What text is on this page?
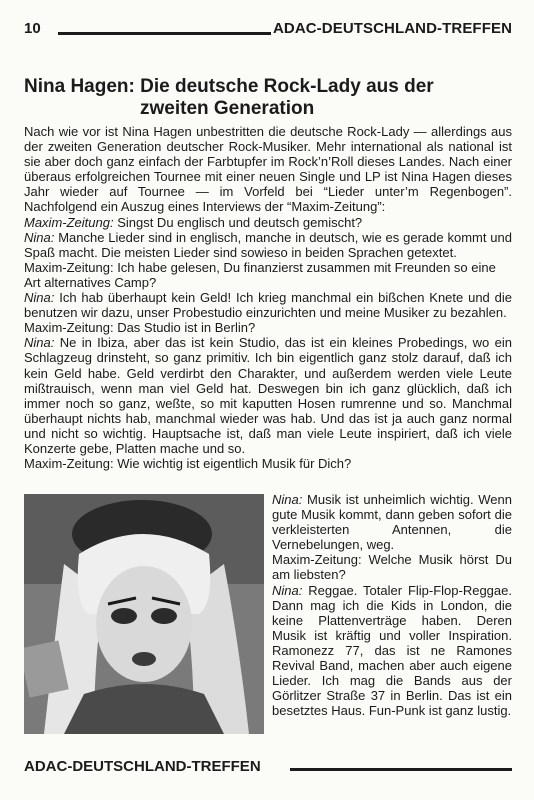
10	ADAC-DEUTSCHLAND-TREFFEN
Nina Hagen: Die deutsche Rock-Lady aus der
zweiten Generation

Nach wie vor ist Nina Hagen unbestritten die deutsche Rock-Lady — allerdings aus der zweiten Generation deutscher Rock-Musiker. Mehr international als national ist sie aber doch ganz einfach der Farbtupfer im Rock’n’Roll dieses Landes. Nach einer überaus erfolgreichen Tournee mit einer neuen Single und LP ist Nina Hagen dieses Jahr wieder auf Tournee — im Vorfeld bei “Lieder unter’m Regenbogen”. Nachfolgend ein Auszug eines Interviews der “Maxim-Zeitung”:

Maxim-Zeitung: Singst Du englisch und deutsch gemischt?

Nina: Manche Lieder sind in englisch, manche in deutsch, wie es gerade kommt und Spaß macht. Die meisten Lieder sind sowieso in beiden Sprachen getextet.

Maxim-Zeitung: Ich habe gelesen, Du finanzierst zusammen mit Freunden so eine Art alternatives Camp?

Nina: Ich hab überhaupt kein Geld! Ich krieg manchmal ein bißchen Knete und die benutzen wir dazu, unser Probestudio einzurichten und meine Musiker zu bezahlen.

Maxim-Zeitung: Das Studio ist in Berlin?

Nina: Ne in Ibiza, aber das ist kein Studio, das ist ein kleines Probedings, wo ein Schlagzeug drinsteht, so ganz primitiv. Ich bin eigentlich ganz stolz darauf, daß ich kein Geld habe. Geld verdirbt den Charakter, und außerdem werden viele Leute mißtrauisch, wenn man viel Geld hat. Deswegen bin ich ganz glücklich, daß ich immer noch so ganz, weßte, so mit kaputten Hosen rumrenne und so. Manchmal überhaupt nichts hab, manchmal wieder was hab. Und das ist ja auch ganz normal und nicht so wichtig. Hauptsache ist, daß man viele Leute inspiriert, daß ich viele Konzerte gebe, Platten mache und so.

Maxim-Zeitung: Wie wichtig ist eigentlich Musik für Dich?

Nina: Musik ist unheimlich wichtig. Wenn gute Musik kommt, dann geben sofort die verkleisterten Antennen, die Vernebelungen, weg.

Maxim-Zeitung: Welche Musik hörst Du am liebsten?

Nina: Reggae. Totaler Flip-Flop-Reggae. Dann mag ich die Kids in London, die keine Plattenverträge haben. Deren Musik ist kräftig und voller Inspiration. Ramonezz 77, das ist ne Ramones Revival Band, machen aber auch eigene Lieder. Ich mag die Bands aus der Görlitzer Straße 37 in Berlin. Das ist ein besetztes Haus. Fun-Punk ist ganz lustig.

ADAC-DEUTSCHLAND-TREFFEN
